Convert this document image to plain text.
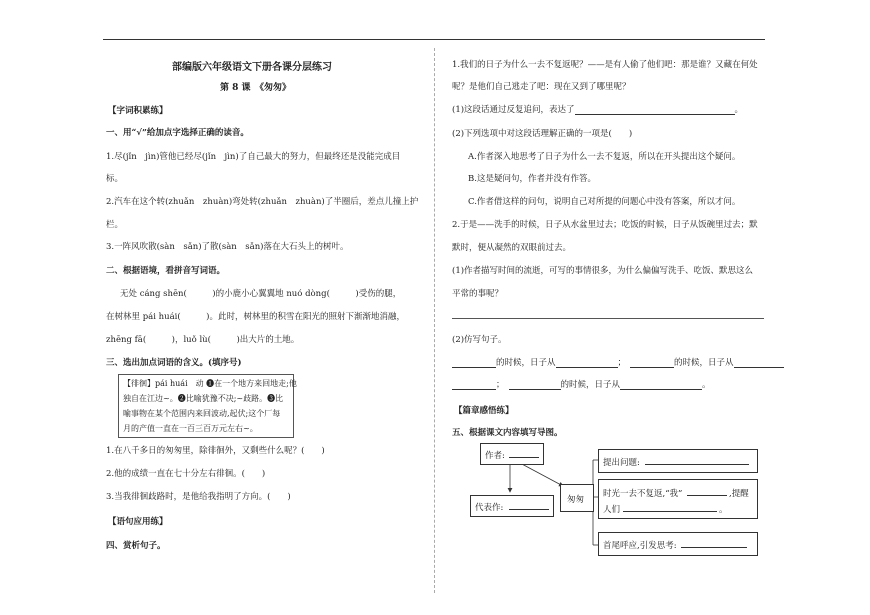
部编版六年级语文下册各课分层练习
第 8 课　《匆匆》
【字词积累练】
一、用“√”给加点字选择正确的读音。
1.尽(jǐn　jìn)管他已经尽(jǐn　jìn)了自己最大的努力，但最终还是没能完成目
标。
2.汽车在这个转(zhuǎn　zhuàn)弯处转(zhuǎn　zhuàn)了半圈后，差点儿撞上护
栏。
3.一阵风吹散(sàn　sǎn)了散(sàn　sǎn)落在大石头上的树叶。
二、根据语境，看拼音写词语。
无处 cáng shēn(　　　)的小鹿小心翼翼地 nuó dòng(　　　)受伤的腿，
在树林里 pái huái(　　　)。此时，树林里的积雪在阳光的照射下渐渐地消融，
zhēng fā(　　　)，luǒ lù(　　　)出大片的土地。
三、选出加点词语的含义。(填序号)
【徘徊】pái huái　动 ❶在一个地方来回地走;他
独自在江边~。❷比喻犹豫不决;~歧路。❸比
喻事物在某个范围内来回波动,起伏;这个厂每
月的产值一直在一百三百万元左右~。
1.在八千多日的匆匆里，除徘徊外，又剩些什么呢？(　　)
2.他的成绩一直在七十分左右徘徊。(　　)
3.当我徘徊歧路时，是他给我指明了方向。(　　)
【语句应用练】
四、赏析句子。
1.我们的日子为什么一去不复返呢？——是有人偷了他们吧：那是谁？又藏在何处
呢？是他们自己逃走了吧：现在又到了哪里呢？
(1)这段话通过反复追问，表达了	。
(2)下列选项中对这段话理解正确的一项是(　　)
A.作者深入地思考了日子为什么一去不复返，所以在开头提出这个疑问。
B.这是疑问句，作者并没有作答。
C.作者借这样的问句，说明自己对所提的问题心中没有答案，所以才问。
2.于是——洗手的时候，日子从水盆里过去；吃饭的时候，日子从饭碗里过去；默
默时，便从凝然的双眼前过去。
(1)作者描写时间的流逝，可写的事情很多，为什么偏偏写洗手、吃饭、默思这么
平常的事呢？
(2)仿写句子。
的时候，日子从	；	的时候，日子从
；	的时候，日子从	。
【篇章感悟练】
五、根据课文内容填写导图。
作者:
代表作:
匆匆
提出问题:
时光一去不复返,“我”	,提醒
人们	。
首尾呼应,引发思考:
